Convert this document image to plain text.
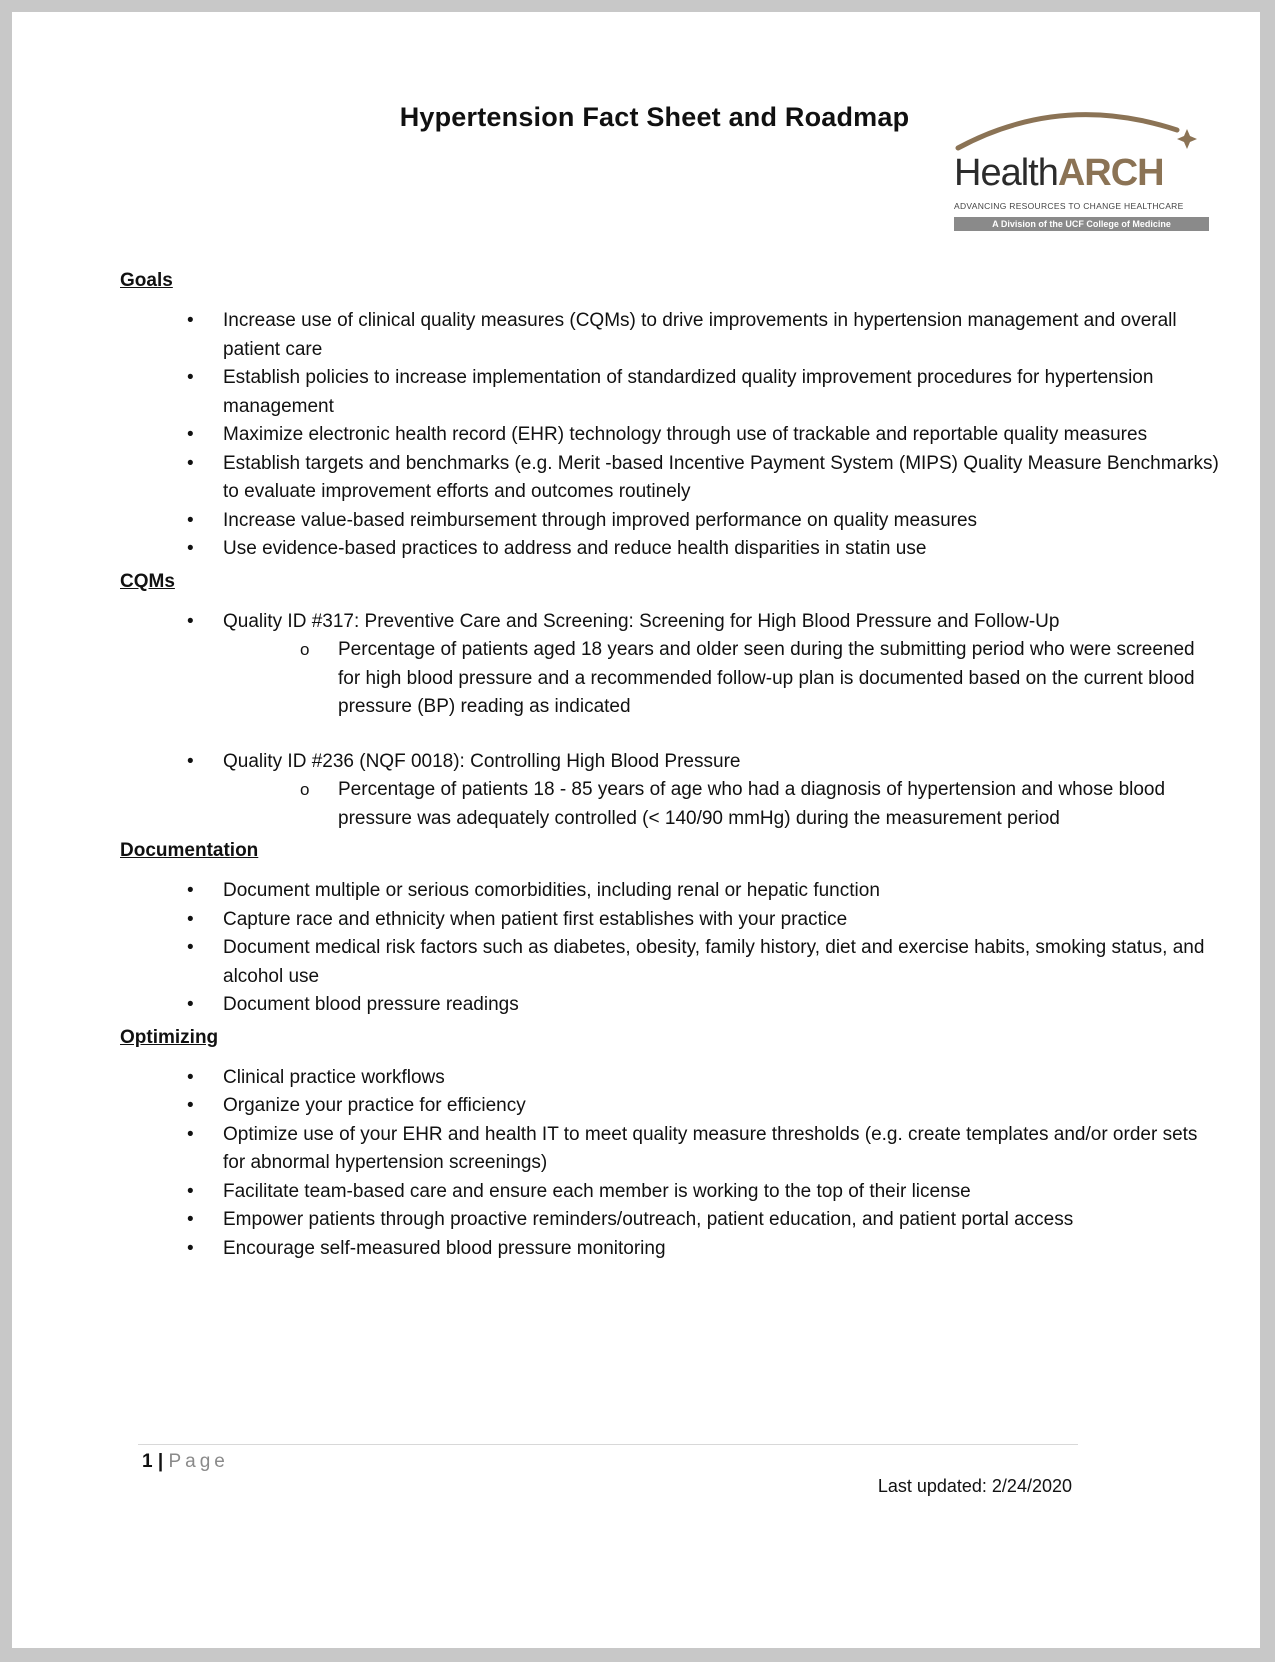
Hypertension Fact Sheet and Roadmap
HealthARCH
ADVANCING RESOURCES TO CHANGE HEALTHCARE
A Division of the UCF College of Medicine
Goals
• Increase use of clinical quality measures (CQMs) to drive improvements in hypertension management and overall patient care
• Establish policies to increase implementation of standardized quality improvement procedures for hypertension management
• Maximize electronic health record (EHR) technology through use of trackable and reportable quality measures
• Establish targets and benchmarks (e.g. Merit -based Incentive Payment System (MIPS) Quality Measure Benchmarks) to evaluate improvement efforts and outcomes routinely
• Increase value-based reimbursement through improved performance on quality measures
• Use evidence-based practices to address and reduce health disparities in statin use
CQMs
• Quality ID #317: Preventive Care and Screening: Screening for High Blood Pressure and Follow-Up
o Percentage of patients aged 18 years and older seen during the submitting period who were screened for high blood pressure and a recommended follow-up plan is documented based on the current blood pressure (BP) reading as indicated
• Quality ID #236 (NQF 0018): Controlling High Blood Pressure
o Percentage of patients 18 - 85 years of age who had a diagnosis of hypertension and whose blood pressure was adequately controlled (< 140/90 mmHg) during the measurement period
Documentation
• Document multiple or serious comorbidities, including renal or hepatic function
• Capture race and ethnicity when patient first establishes with your practice
• Document medical risk factors such as diabetes, obesity, family history, diet and exercise habits, smoking status, and alcohol use
• Document blood pressure readings
Optimizing
• Clinical practice workflows
• Organize your practice for efficiency
• Optimize use of your EHR and health IT to meet quality measure thresholds (e.g. create templates and/or order sets for abnormal hypertension screenings)
• Facilitate team-based care and ensure each member is working to the top of their license
• Empower patients through proactive reminders/outreach, patient education, and patient portal access
• Encourage self-measured blood pressure monitoring
1 | Page
Last updated: 2/24/2020
